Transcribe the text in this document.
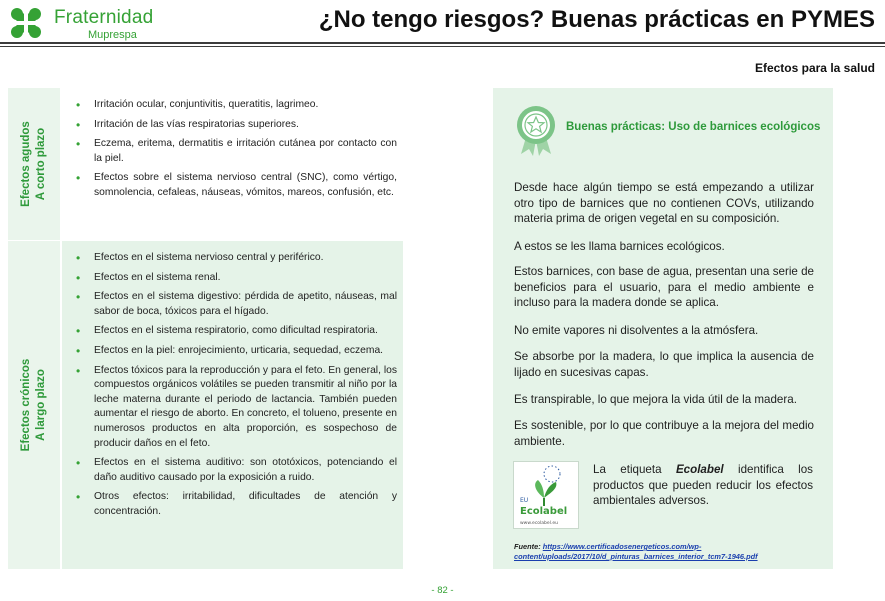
Fraternidad
Muprespa
¿No tengo riesgos? Buenas prácticas en PYMES
Efectos para la salud
Efectos agudos A corto plazo
• Irritación ocular, conjuntivitis, queratitis, lagrimeo.
• Irritación de las vías respiratorias superiores.
• Eczema, eritema, dermatitis e irritación cutánea por contacto con la piel.
• Efectos sobre el sistema nervioso central (SNC), como vértigo, somnolencia, cefaleas, náuseas, vómitos, mareos, confusión, etc.
Efectos crónicos A largo plazo
• Efectos en el sistema nervioso central y periférico.
• Efectos en el sistema renal.
• Efectos en el sistema digestivo: pérdida de apetito, náuseas, mal sabor de boca, tóxicos para el hígado.
• Efectos en el sistema respiratorio, como dificultad respiratoria.
• Efectos en la piel: enrojecimiento, urticaria, sequedad, eczema.
• Efectos tóxicos para la reproducción y para el feto. En general, los compuestos orgánicos volátiles se pueden transmitir al niño por la leche materna durante el periodo de lactancia. También pueden aumentar el riesgo de aborto. En concreto, el tolueno, presente en numerosos productos en alta proporción, es sospechoso de producir daños en el feto.
• Efectos en el sistema auditivo: son ototóxicos, potenciando el daño auditivo causado por la exposición a ruido.
• Otros efectos: irritabilidad, dificultades de atención y concentración.
Buenas prácticas: Uso de barnices ecológicos
Desde hace algún tiempo se está empezando a utilizar otro tipo de barnices que no contienen COVs, utilizando materia prima de origen vegetal en su composición.
A estos se les llama barnices ecológicos.
Estos barnices, con base de agua, presentan una serie de beneficios para el usuario, para el medio ambiente e incluso para la madera donde se aplica.
No emite vapores ni disolventes a la atmósfera.
Se absorbe por la madera, lo que implica la ausencia de lijado en sucesivas capas.
Es transpirable, lo que mejora la vida útil de la madera.
Es sostenible, por lo que contribuye a la mejora del medio ambiente.
EU
Ecolabel
www.ecolabel.eu
La etiqueta Ecolabel identifica los productos que pueden reducir los efectos ambientales adversos.
Fuente: https://www.certificadosenergeticos.com/wp-content/uploads/2017/10/d_pinturas_barnices_interior_tcm7-1946.pdf
- 82 -
